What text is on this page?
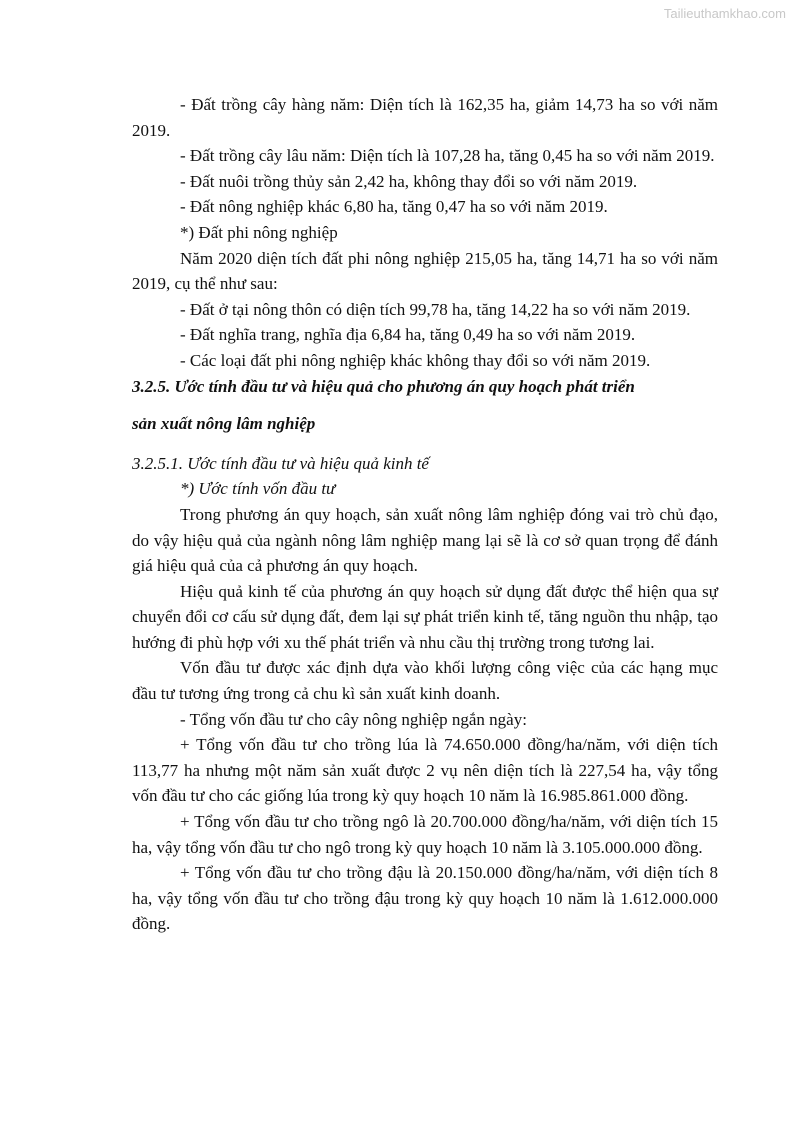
Tailieuthamkhao.com

- Đất trồng cây hàng năm: Diện tích là 162,35 ha, giảm 14,73 ha so với năm 2019.

- Đất trồng cây lâu năm: Diện tích là 107,28 ha, tăng 0,45 ha so với năm 2019.

- Đất nuôi trồng thủy sản 2,42 ha, không thay đổi so với năm 2019.

- Đất nông nghiệp khác 6,80 ha, tăng 0,47 ha so với năm 2019.

*) Đất phi nông nghiệp

Năm 2020 diện tích đất phi nông nghiệp 215,05 ha, tăng 14,71 ha so với năm 2019, cụ thể như sau:

- Đất ở tại nông thôn có diện tích 99,78 ha, tăng 14,22 ha so với năm 2019.

- Đất nghĩa trang, nghĩa địa 6,84 ha, tăng 0,49 ha so với năm 2019.

- Các loại đất phi nông nghiệp khác không thay đổi so với năm 2019.

3.2.5. Ước tính đầu tư và hiệu quả cho phương án quy hoạch phát triển

sản xuất nông lâm nghiệp

3.2.5.1. Ước tính đầu tư và hiệu quả kinh tế

*) Ước tính vốn đầu tư

Trong phương án quy hoạch, sản xuất nông lâm nghiệp đóng vai trò chủ đạo, do vậy hiệu quả của ngành nông lâm nghiệp mang lại sẽ là cơ sở quan trọng để đánh giá hiệu quả của cả phương án quy hoạch.

Hiệu quả kinh tế của phương án quy hoạch sử dụng đất được thể hiện qua sự chuyển đổi cơ cấu sử dụng đất, đem lại sự phát triển kinh tế, tăng nguồn thu nhập, tạo hướng đi phù hợp với xu thế phát triển và nhu cầu thị trường trong tương lai.

Vốn đầu tư được xác định dựa vào khối lượng công việc của các hạng mục đầu tư tương ứng trong cả chu kì sản xuất kinh doanh.

- Tổng vốn đầu tư cho cây nông nghiệp ngắn ngày:

+ Tổng vốn đầu tư cho trồng lúa là 74.650.000 đồng/ha/năm, với diện tích 113,77 ha nhưng một năm sản xuất được 2 vụ nên diện tích là 227,54 ha, vậy tổng vốn đầu tư cho các giống lúa trong kỳ quy hoạch 10 năm là 16.985.861.000 đồng.

+ Tổng vốn đầu tư cho trồng ngô là 20.700.000 đồng/ha/năm, với diện tích 15 ha, vậy tổng vốn đầu tư cho ngô trong kỳ quy hoạch 10 năm là 3.105.000.000 đồng.

+ Tổng vốn đầu tư cho trồng đậu là 20.150.000 đồng/ha/năm, với diện tích 8 ha, vậy tổng vốn đầu tư cho trồng đậu trong kỳ quy hoạch 10 năm là 1.612.000.000 đồng.
